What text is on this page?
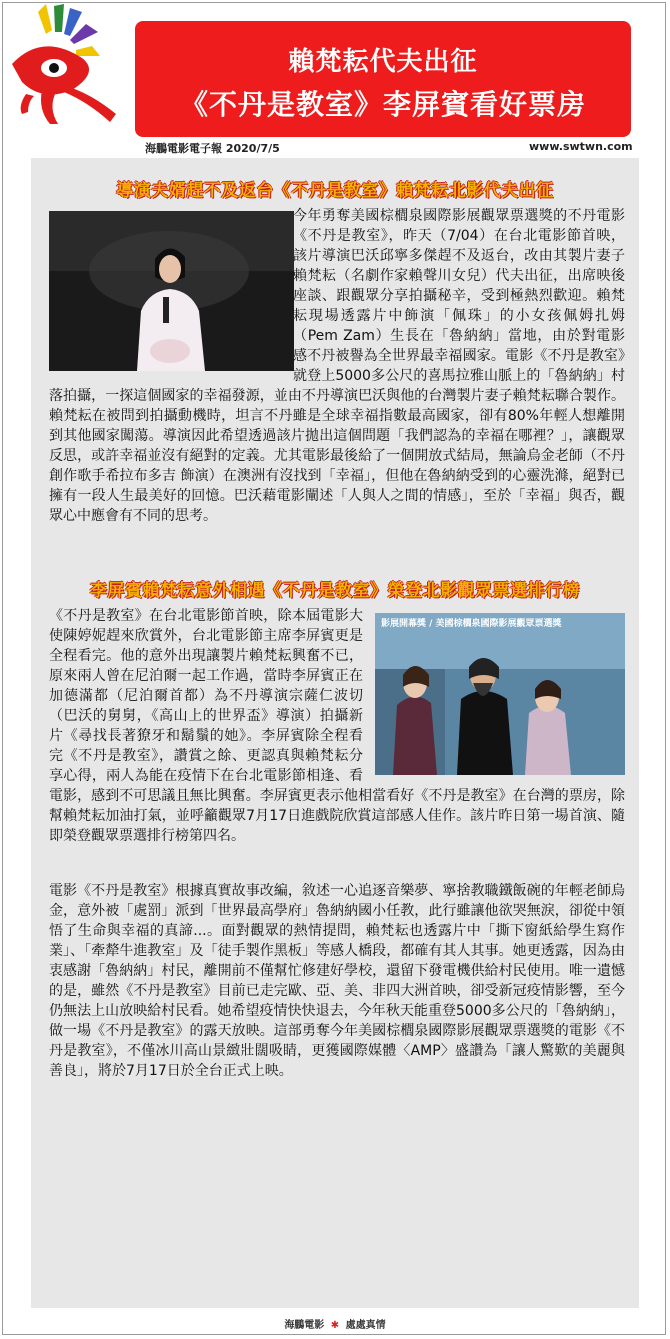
賴梵耘代夫出征
《不丹是教室》李屏賓看好票房
海鵬電影電子報 2020/7/5	www.swtwn.com
導演夫婿趕不及返台《不丹是教室》賴梵耘北影代夫出征
今年勇奪美國棕櫚泉國際影展觀眾票選獎的不丹電影《不丹是教室》，昨天（7/04）在台北電影節首映，該片導演巴沃邱寧多傑趕不及返台，改由其製片妻子賴梵耘（名劇作家賴聲川女兒）代夫出征，出席映後座談、跟觀眾分享拍攝秘辛，受到極熱烈歡迎。賴梵耘現場透露片中飾演「佩珠」的小女孩佩姆扎姆（Pem Zam）生長在「魯納納」當地，由於對電影感不丹被譽為全世界最幸福國家。電影《不丹是教室》就登上5000多公尺的喜馬拉雅山脈上的「魯納納」村落拍攝，一探這個國家的幸福發源，並由不丹導演巴沃與他的台灣製片妻子賴梵耘聯合製作。賴梵耘在被問到拍攝動機時，坦言不丹雖是全球幸福指數最高國家，卻有80%年輕人想離開到其他國家闖蕩。導演因此希望透過該片拋出這個問題「我們認為的幸福在哪裡？」，讓觀眾反思，或許幸福並沒有絕對的定義。尤其電影最後給了一個開放式結局，無論烏金老師（不丹創作歌手希拉布多吉 飾演）在澳洲有沒找到「幸福」，但他在魯納納受到的心靈洗滌，絕對已擁有一段人生最美好的回憶。巴沃藉電影闡述「人與人之間的情感」，至於「幸福」與否，觀眾心中應會有不同的思考。
李屏賓賴梵耘意外相遇《不丹是教室》榮登北影觀眾票選排行榜
影展開幕獎 / 美國棕櫚泉國際影展觀眾票選獎
《不丹是教室》在台北電影節首映，除本屆電影大使陳婷妮趕來欣賞外，台北電影節主席李屏賓更是全程看完。他的意外出現讓製片賴梵耘興奮不已，原來兩人曾在尼泊爾一起工作過，當時李屏賓正在加德滿都（尼泊爾首都）為不丹導演宗薩仁波切（巴沃的舅舅，《高山上的世界盃》導演）拍攝新片《尋找長著獠牙和鬍鬚的她》。李屏賓除全程看完《不丹是教室》，讚賞之餘、更認真與賴梵耘分享心得，兩人為能在疫情下在台北電影節相逢、看電影，感到不可思議且無比興奮。李屏賓更表示他相當看好《不丹是教室》在台灣的票房，除幫賴梵耘加油打氣，並呼籲觀眾7月17日進戲院欣賞這部感人佳作。該片昨日第一場首演、隨即榮登觀眾票選排行榜第四名。
電影《不丹是教室》根據真實故事改編，敘述一心追逐音樂夢、寧捨教職鐵飯碗的年輕老師烏金，意外被「處罰」派到「世界最高學府」魯納納國小任教，此行雖讓他欲哭無淚，卻從中領悟了生命與幸福的真諦...。面對觀眾的熱情提問，賴梵耘也透露片中「撕下窗紙給學生寫作業」、「牽犛牛進教室」及「徒手製作黑板」等感人橋段，都確有其人其事。她更透露，因為由衷感謝「魯納納」村民，離開前不僅幫忙修建好學校，還留下發電機供給村民使用。唯一遺憾的是，雖然《不丹是教室》目前已走完歐、亞、美、非四大洲首映，卻受新冠疫情影響，至今仍無法上山放映給村民看。她希望疫情快快退去，今年秋天能重登5000多公尺的「魯納納」，做一場《不丹是教室》的露天放映。這部勇奪今年美國棕櫚泉國際影展觀眾票選獎的電影《不丹是教室》，不僅冰川高山景緻壯闊吸睛，更獲國際媒體〈AMP〉盛讚為「讓人驚歎的美麗與善良」，將於7月17日於全台正式上映。
海鵬電影 ✱ 處處真情
